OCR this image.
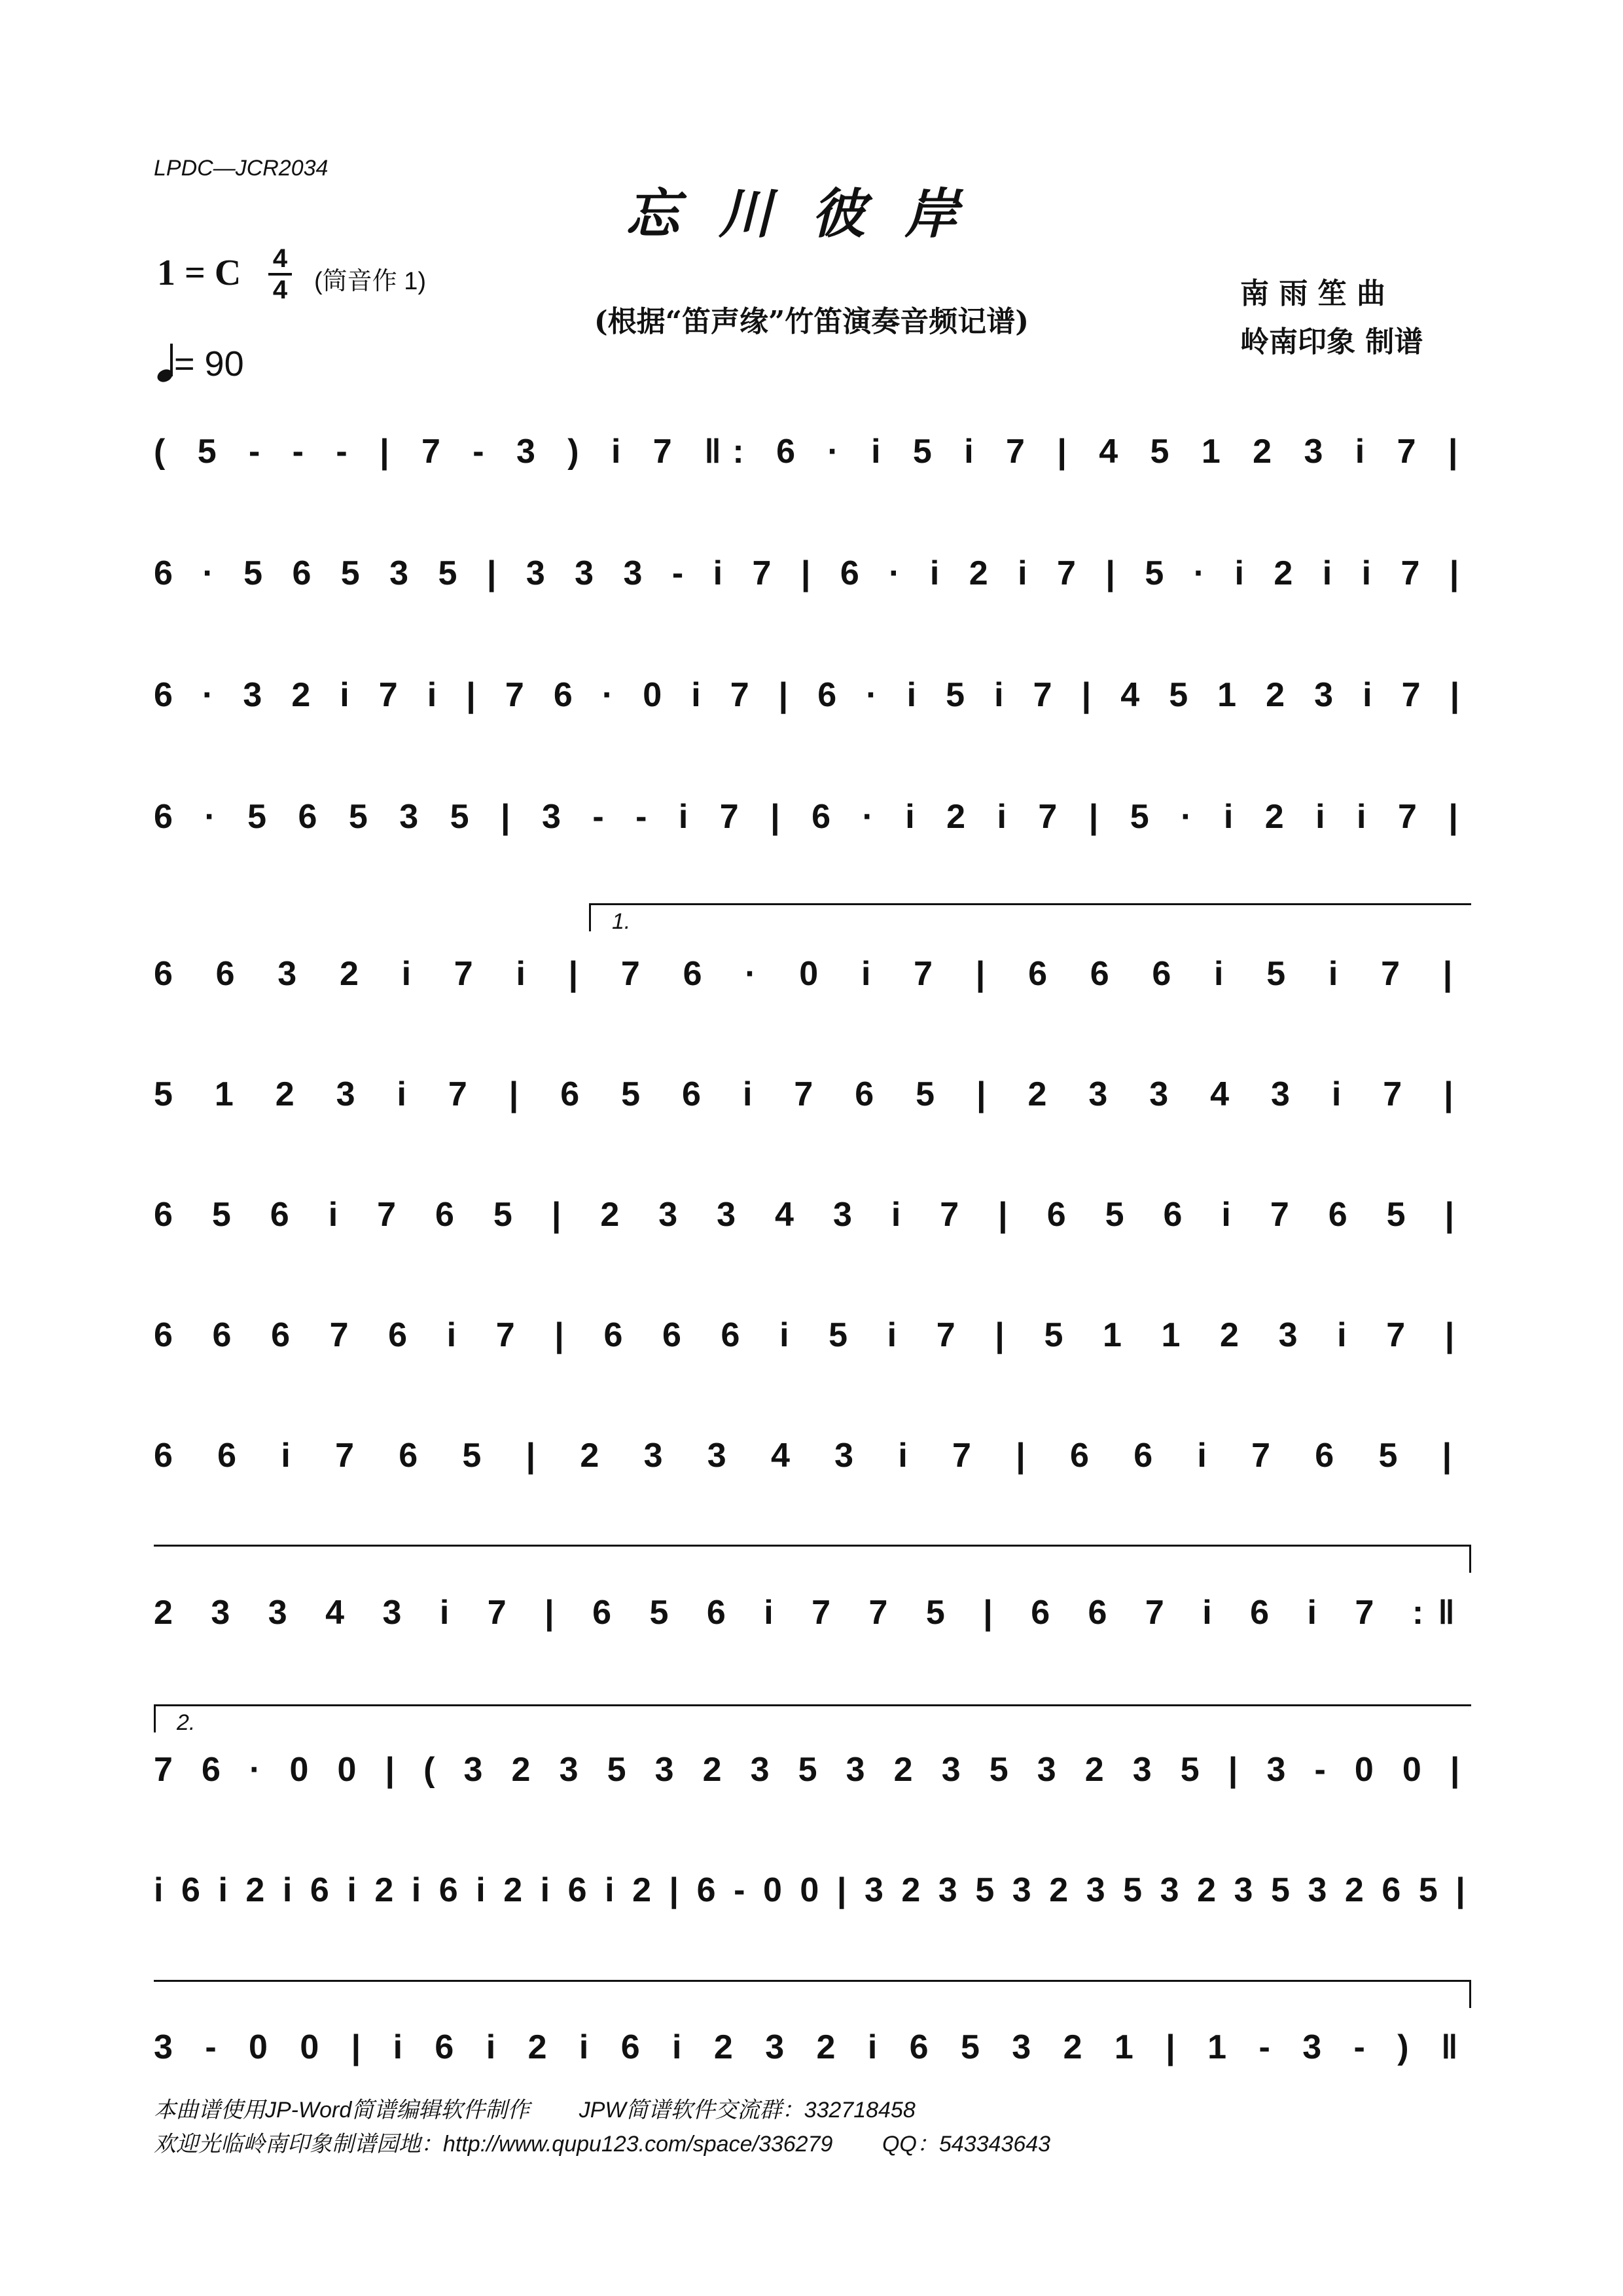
LPDC—JCR2034
忘川彼岸
1 = C 4
4 (筒音作 1)
(根据“笛声缘”竹笛演奏音频记谱)
= 90
南 雨 笙 曲
岭南印象 制谱
( 5 - - - | 7 - 3 ) i 7 ‖: 6 · i 5 i 7 | 4 5 1 2 3 i 7 |
6 · 5 6 5 3 5 | 3 3 3 - i 7 | 6 · i 2 i 7 | 5 · i 2 i i 7 |
6 · 3 2 i 7 i | 7 6 · 0 i 7 | 6 · i 5 i 7 | 4 5 1 2 3 i 7 |
6 · 5 6 5 3 5 | 3 - - i 7 | 6 · i 2 i 7 | 5 · i 2 i i 7 |
1.
6 6 3 2 i 7 i | 7 6 · 0 i 7 | 6 6 6 i 5 i 7 |
5 1 2 3 i 7 | 6 5 6 i 7 6 5 | 2 3 3 4 3 i 7 |
6 5 6 i 7 6 5 | 2 3 3 4 3 i 7 | 6 5 6 i 7 6 5 |
6 6 6 7 6 i 7 | 6 6 6 i 5 i 7 | 5 1 1 2 3 i 7 |
6 6 i 7 6 5 | 2 3 3 4 3 i 7 | 6 6 i 7 6 5 |
2 3 3 4 3 i 7 | 6 5 6 i 7 7 5 | 6 6 7 i 6 i 7 :‖
2.
7 6 · 0 0 | ( 3 2 3 5 3 2 3 5 3 2 3 5 3 2 3 5 | 3 - 0 0 |
i 6 i 2 i 6 i 2 i 6 i 2 i 6 i 2 | 6 - 0 0 | 3 2 3 5 3 2 3 5 3 2 3 5 3 2 6 5 |
3 - 0 0 | i 6 i 2 i 6 i 2 3 2 i 6 5 3 2 1 | 1 - 3 - ) ‖
本曲谱使用JP-Word简谱编辑软件制作        JPW简谱软件交流群：332718458
欢迎光临岭南印象制谱园地：http://www.qupu123.com/space/336279        QQ：543343643
